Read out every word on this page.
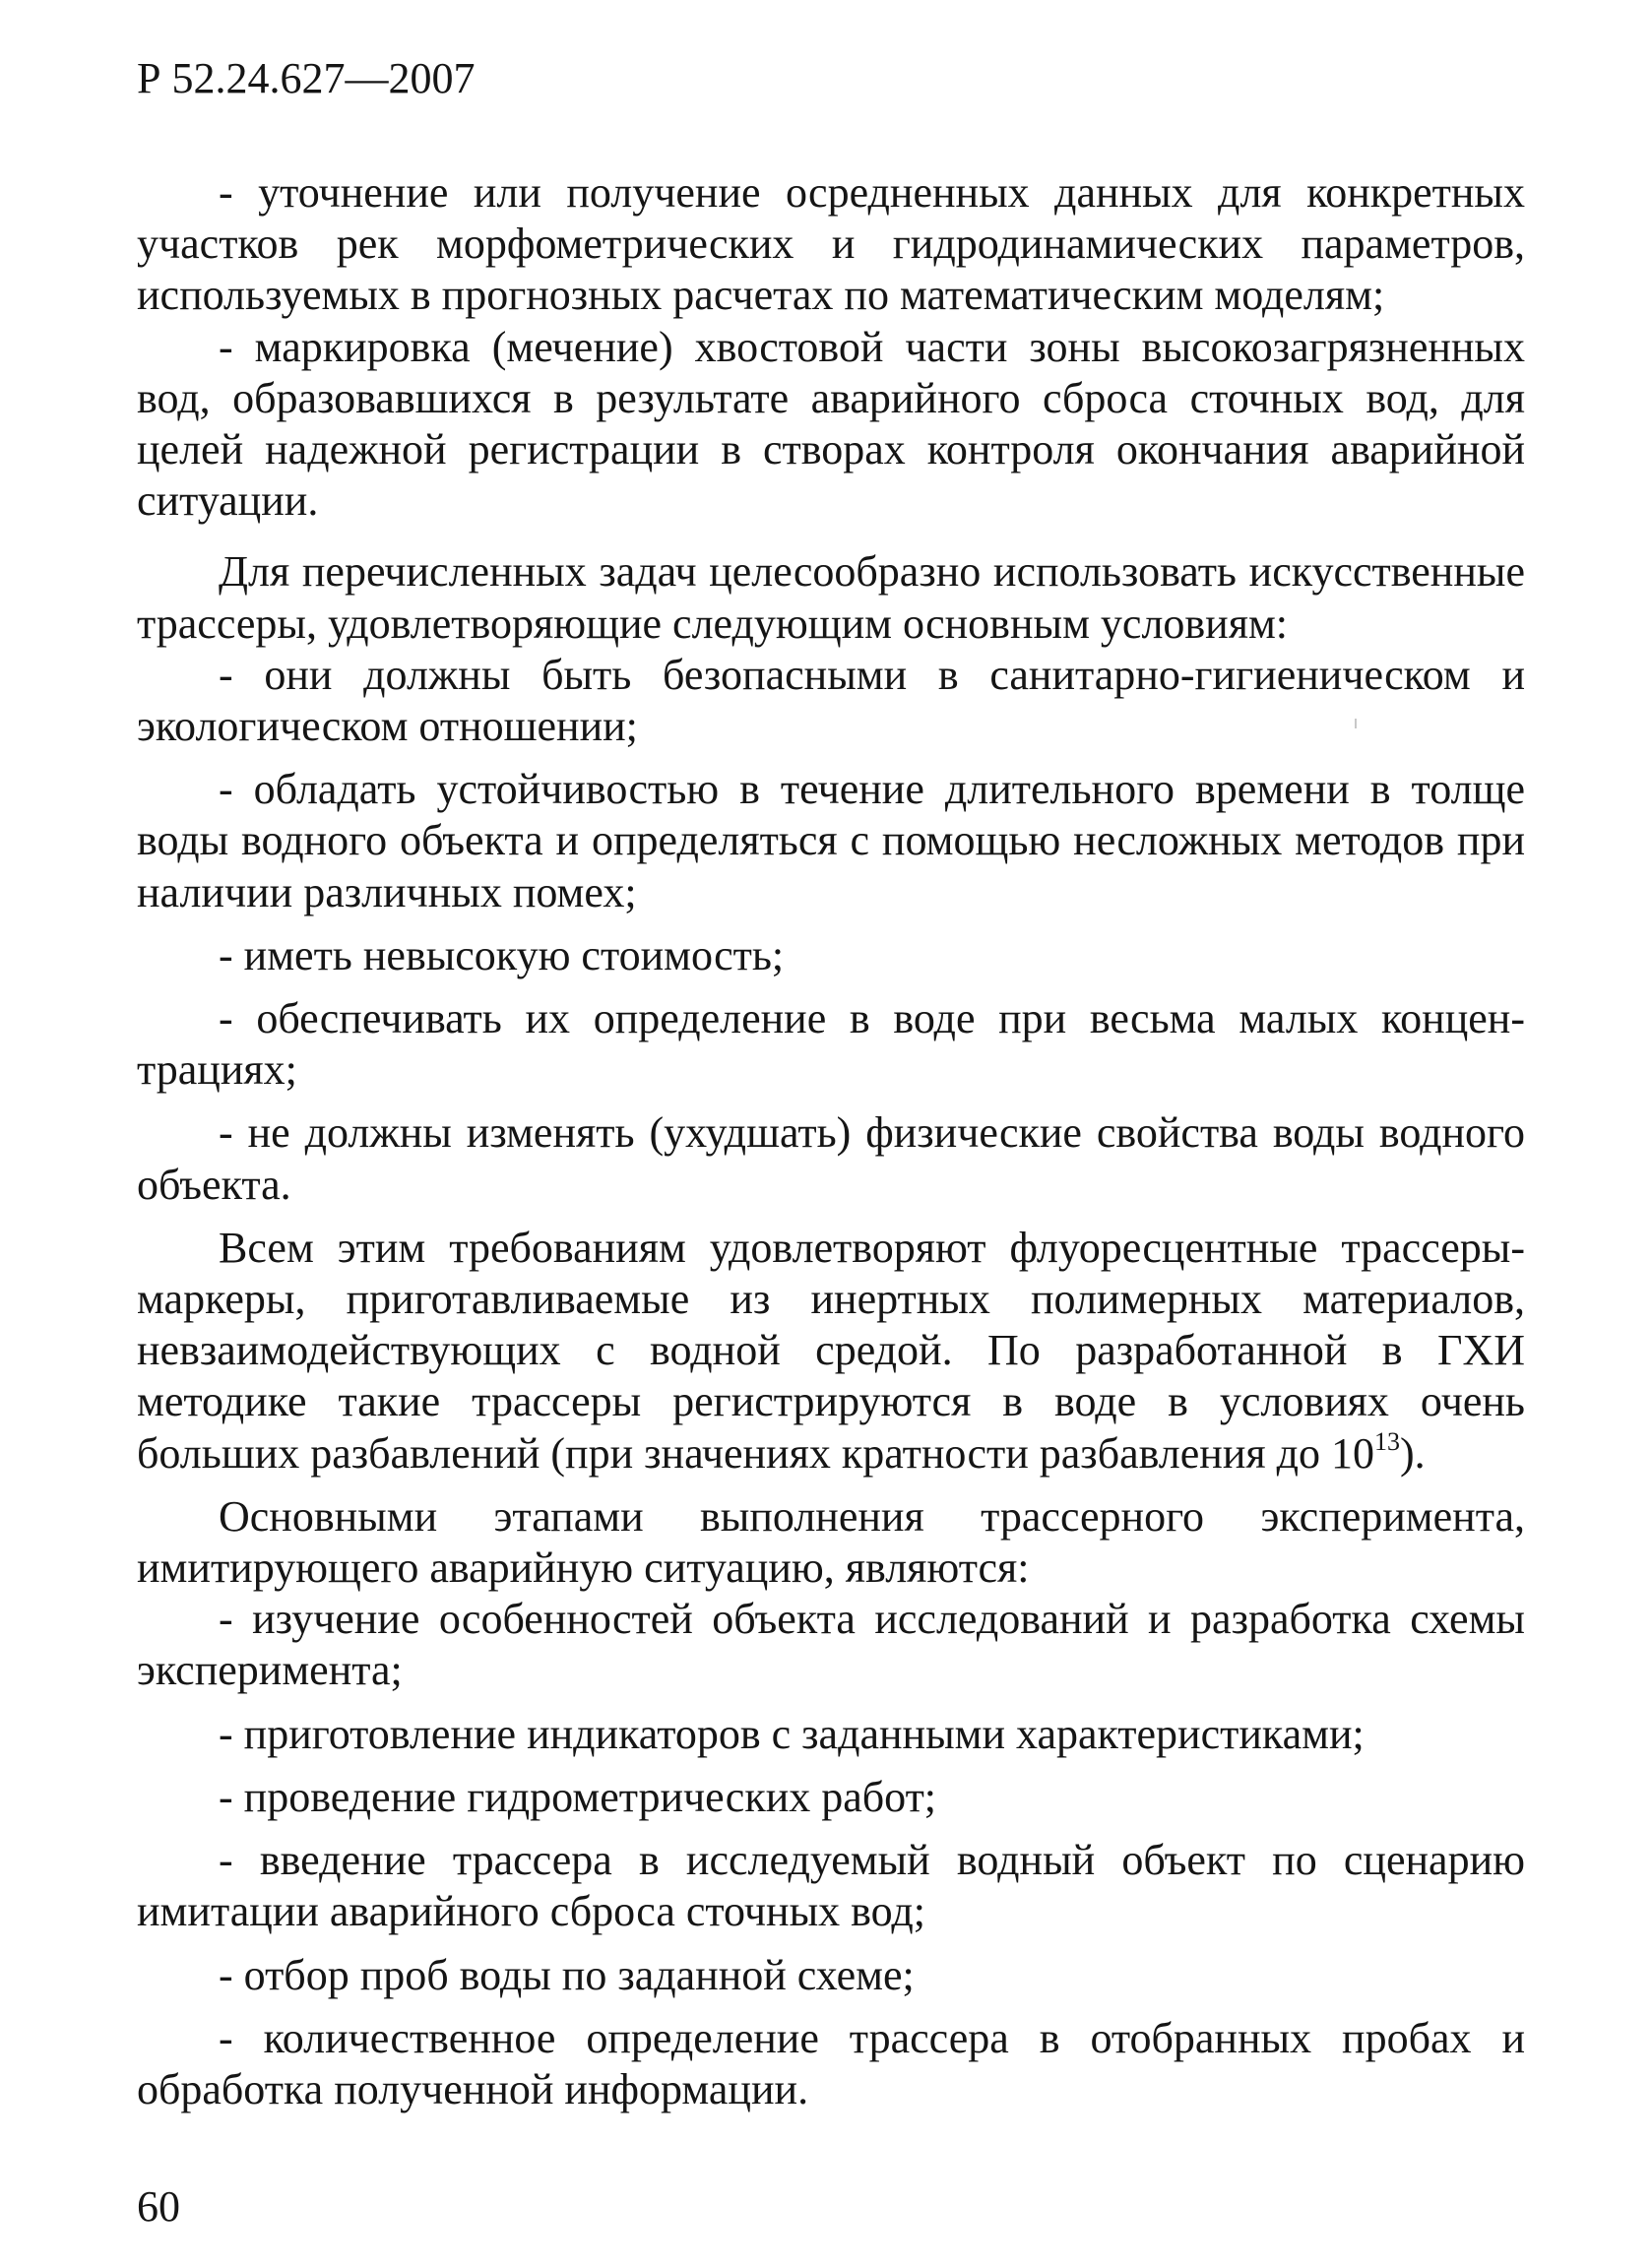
Р 52.24.627—2007

- уточнение или получение осредненных данных для конкретных участков рек морфометрических и гидродинамических параметров, используемых в прогнозных расчетах по математическим моделям;

- маркировка (мечение) хвостовой части зоны высокозагрязненных вод, образовавшихся в результате аварийного сброса сточных вод, для целей надежной регистрации в створах контроля окончания аварийной ситуации.

Для перечисленных задач целесообразно использовать искусственные трассеры, удовлетворяющие следующим основным условиям:

- они должны быть безопасными в санитарно-гигиеническом и экологическом отношении;

- обладать устойчивостью в течение длительного времени в толще воды водного объекта и определяться с помощью несложных методов при наличии различных помех;

- иметь невысокую стоимость;

- обеспечивать их определение в воде при весьма малых концентрациях;

- не должны изменять (ухудшать) физические свойства воды водного объекта.

Всем этим требованиям удовлетворяют флуоресцентные трассеры-маркеры, приготавливаемые из инертных полимерных материалов, невзаимодействующих с водной средой. По разработанной в ГХИ методике такие трассеры регистрируются в воде в условиях очень больших разбавлений (при значениях кратности разбавления до $10^{13}$).

Основными этапами выполнения трассерного эксперимента, имитирующего аварийную ситуацию, являются:

- изучение особенностей объекта исследований и разработка схемы эксперимента;

- приготовление индикаторов с заданными характеристиками;

- проведение гидрометрических работ;

- введение трассера в исследуемый водный объект по сценарию имитации аварийного сброса сточных вод;

- отбор проб воды по заданной схеме;

- количественное определение трассера в отобранных пробах и обработка полученной информации.

60
